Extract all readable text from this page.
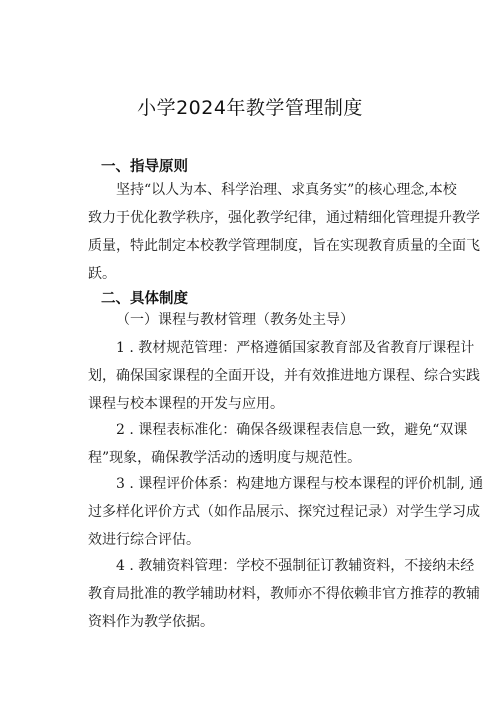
小学2024年教学管理制度
一、指导原则
坚持“以人为本、科学治理、求真务实”的核心理念,本校
致力于优化教学秩序，强化教学纪律，通过精细化管理提升教学
质量，特此制定本校教学管理制度，旨在实现教育质量的全面飞
跃。
二、具体制度
（一）课程与教材管理（教务处主导）
1 . 教材规范管理：严格遵循国家教育部及省教育厅课程计
划，确保国家课程的全面开设，并有效推进地方课程、综合实践
课程与校本课程的开发与应用。
2 . 课程表标准化：确保各级课程表信息一致，避免“双课
程”现象，确保教学活动的透明度与规范性。
3 . 课程评价体系：构建地方课程与校本课程的评价机制, 通
过多样化评价方式（如作品展示、探究过程记录）对学生学习成
效进行综合评估。
4 . 教辅资料管理：学校不强制征订教辅资料，不接纳未经
教育局批准的教学辅助材料，教师亦不得依赖非官方推荐的教辅
资料作为教学依据。
